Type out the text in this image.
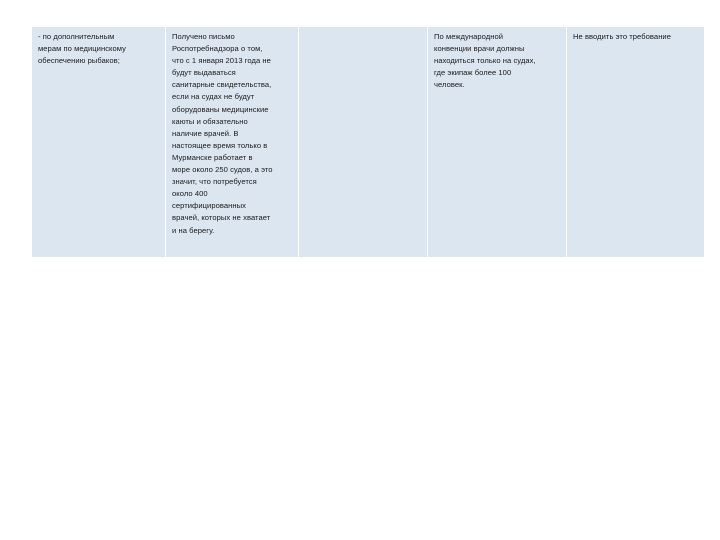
- по дополнительным
мерам по медицинскому
обеспечению рыбаков;
Получено письмо
Роспотребнадзора о том,
что с 1 января 2013 года не
будут выдаваться
санитарные свидетельства,
если на судах не будут
оборудованы медицинские
каюты и обязательно
наличие врачей. В
настоящее время только в
Мурманске работает в
море около 250 судов, а это
значит, что потребуется
около 400
сертифицированных
врачей, которых не хватает
и на берегу.
По международной
конвенции врачи должны
находиться только на судах,
где экипаж более 100
человек.
Не вводить это требование
